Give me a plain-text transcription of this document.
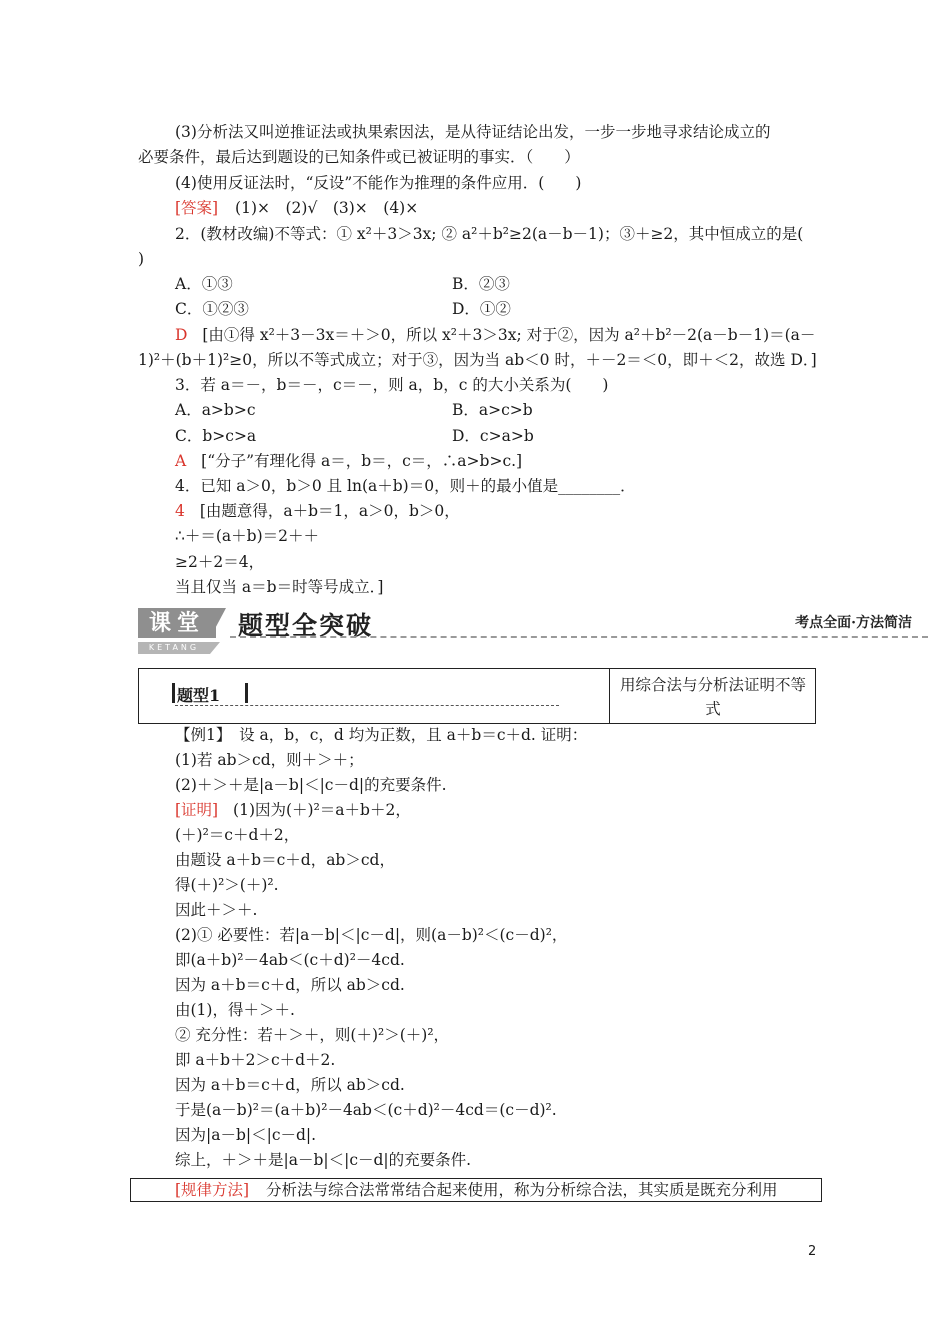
(3)分析法又叫逆推证法或执果索因法，是从待证结论出发，一步一步地寻求结论成立的
必要条件，最后达到题设的已知条件或已被证明的事实．（　　）
(4)使用反证法时，“反设”不能作为推理的条件应用．(　　)
[答案] (1)×　(2)√　(3)×　(4)×
2．(教材改编)不等式：① x²＋3＞3x; ② a²＋b²≥2(a－b－1)；③＋≥2，其中恒成立的是(
)
A．①③	B．②③
C．①②③	D．①②
D [由①得 x²＋3－3x＝＋＞0，所以 x²＋3＞3x; 对于②，因为 a²＋b²－2(a－b－1)＝(a－
1)²＋(b＋1)²≥0，所以不等式成立；对于③，因为当 ab＜0 时，＋－2＝＜0，即＋＜2，故选 D．]
3．若 a＝－，b＝－，c＝－，则 a，b，c 的大小关系为(　　)
A．a>b>c	B．a>c>b
C．b>c>a	D．c>a>b
A [“分子”有理化得 a＝，b＝，c＝，∴a>b>c.]
4．已知 a＞0，b＞0 且 ln(a＋b)＝0，则＋的最小值是________．
4 [由题意得，a＋b＝1，a＞0，b＞0，
∴＋＝(a＋b)＝2＋＋
≥2＋2＝4，
当且仅当 a＝b＝时等号成立．]
课堂
KETANG
题型全突破	考点全面·方法简洁
题型1
用综合法与分析法证明不等式
【例1】　设 a，b，c，d 均为正数，且 a＋b＝c＋d. 证明：
(1)若 ab＞cd，则＋＞＋；
(2)＋＞＋是|a－b|＜|c－d|的充要条件.
[证明] (1)因为(＋)²＝a＋b＋2，
(＋)²＝c＋d＋2，
由题设 a＋b＝c＋d，ab＞cd，
得(＋)²＞(＋)².
因此＋＞＋.
(2)① 必要性：若|a－b|＜|c－d|，则(a－b)²＜(c－d)²，
即(a＋b)²－4ab＜(c＋d)²－4cd.
因为 a＋b＝c＋d，所以 ab＞cd.
由(1)，得＋＞＋.
② 充分性：若＋＞＋，则(＋)²＞(＋)²，
即 a＋b＋2＞c＋d＋2.
因为 a＋b＝c＋d，所以 ab＞cd.
于是(a－b)²＝(a＋b)²－4ab＜(c＋d)²－4cd＝(c－d)².
因为|a－b|＜|c－d|.
综上，＋＞＋是|a－b|＜|c－d|的充要条件.
[规律方法] 分析法与综合法常常结合起来使用，称为分析综合法，其实质是既充分利用
2
